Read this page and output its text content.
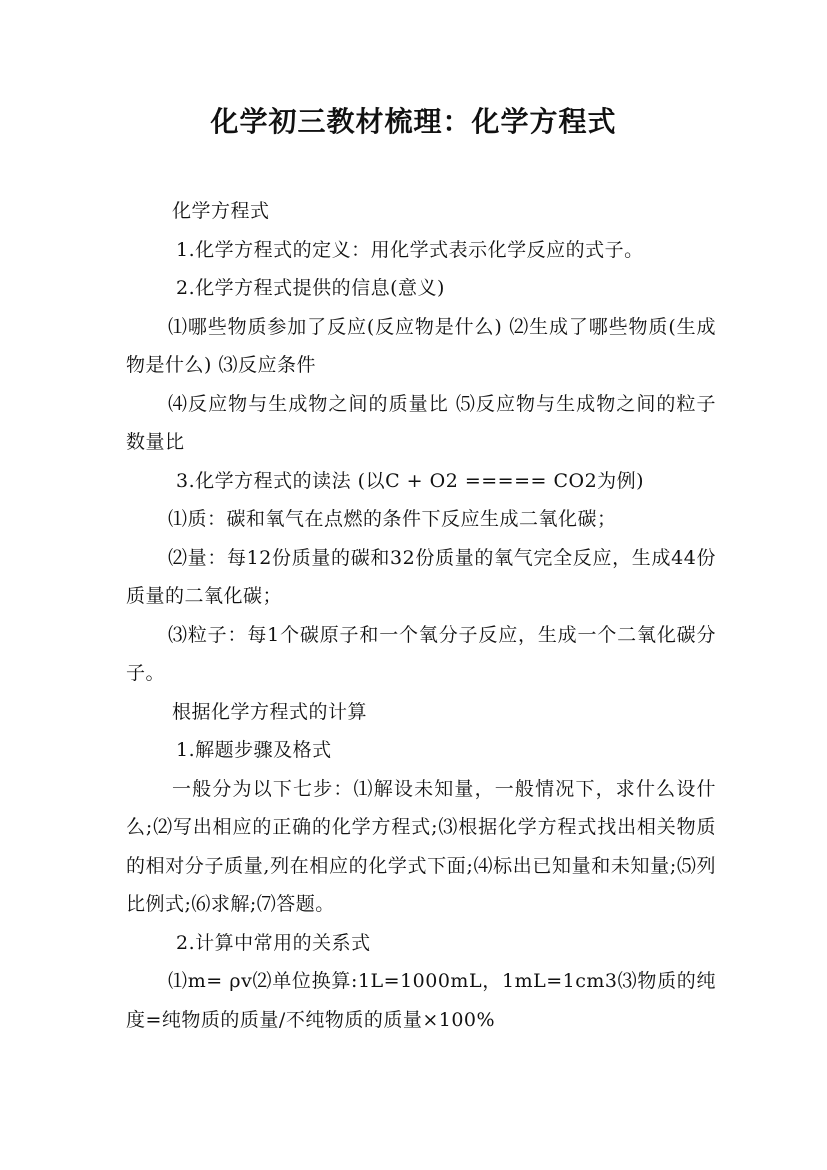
化学初三教材梳理：化学方程式

化学方程式

1.化学方程式的定义：用化学式表示化学反应的式子。

2.化学方程式提供的信息(意义)

⑴哪些物质参加了反应(反应物是什么) ⑵生成了哪些物质(生成物是什么) ⑶反应条件

⑷反应物与生成物之间的质量比 ⑸反应物与生成物之间的粒子数量比

3.化学方程式的读法 (以C + O2 ===== CO2为例)

⑴质：碳和氧气在点燃的条件下反应生成二氧化碳；

⑵量：每12份质量的碳和32份质量的氧气完全反应，生成44份质量的二氧化碳；

⑶粒子：每1个碳原子和一个氧分子反应，生成一个二氧化碳分子。

根据化学方程式的计算

1.解题步骤及格式

一般分为以下七步：⑴解设未知量，一般情况下，求什么设什么;⑵写出相应的正确的化学方程式;⑶根据化学方程式找出相关物质的相对分子质量,列在相应的化学式下面;⑷标出已知量和未知量;⑸列比例式;⑹求解;⑺答题。

2.计算中常用的关系式

⑴m= ρv⑵单位换算:1L=1000mL，1mL=1cm3⑶物质的纯度=纯物质的质量/不纯物质的质量×100%
